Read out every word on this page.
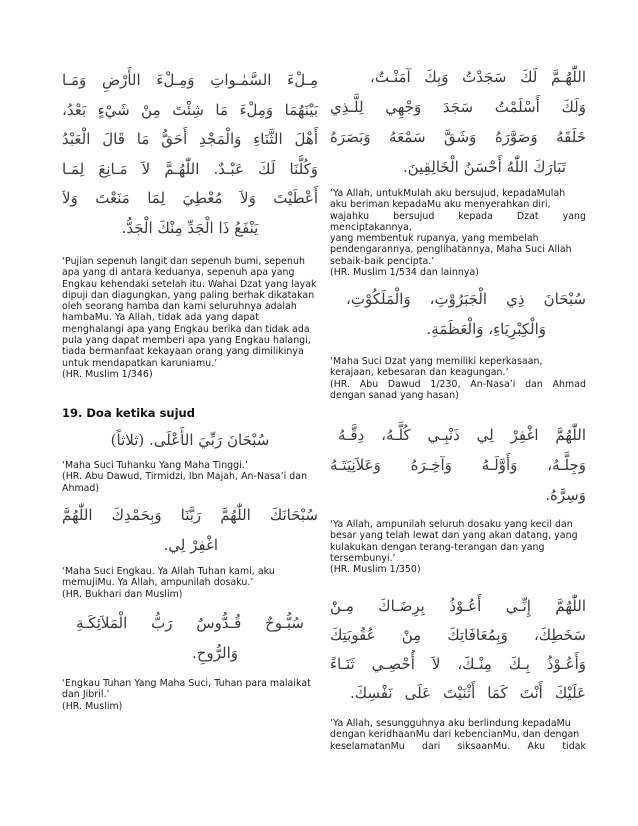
مِـلْءَ السَّمٰـواتِ وَمِـلْءَ الأَرْضِ وَمَـا
بَيْنَهُمَا وَمِلْءَ مَا شِئْتَ مِنْ شَيْءٍ بَعْدُ،
أَهْلَ الثَّنَاءِ وَالْمَجْدِ أَحَقُّ مَا قَالَ الْعَبْدُ
وَكُلُّنَا لَكَ عَبْـدٌ. اللّٰهُـمَّ لاَ مَـانِعَ لِمَـا
أَعْطَيْتَ وَلاَ مُعْطِيَ لِمَا مَنَعْتَ وَلاَ
يَنْفَعُ ذَا الْجَدِّ مِنْكَ الْجَدُّ.
‘Pujian sepenuh langit dan sepenuh bumi, sepenuh
apa yang di antara keduanya, sepenuh apa yang
Engkau kehendaki setelah itu. Wahai Dzat yang layak
dipuji dan diagungkan, yang paling berhak dikatakan
oleh seorang hamba dan kami seluruhnya adalah
hambaMu. Ya Allah, tidak ada yang dapat
menghalangi apa yang Engkau berika dan tidak ada
pula yang dapat memberi apa yang Engkau halangi,
tiada bermanfaat kekayaan orang yang dimilikinya
untuk mendapatkan karuniamu.’
(HR. Muslim 1/346)
19. Doa ketika sujud
سُبْحَانَ رَبِّيَ الأَعْلَى. (ثلاثاً)
‘Maha Suci Tuhanku Yang Maha Tinggi.’
(HR. Abu Dawud, Tirmidzi, Ibn Majah, An-Nasa’i dan
Ahmad)
سُبْحَانَكَ اللّٰهُمَّ رَبَّنَا وَبِحَمْدِكَ اللّٰهُمَّ
اغْفِرْ لِي.
‘Maha Suci Engkau. Ya Allah Tuhan kami, aku
memujiMu. Ya Allah, ampunilah dosaku.’
(HR. Bukhari dan Muslim)
سُبُّـوحٌ قُـدُّوسٌ رَبُّ الْمَلاَئِكَـةِ
وَالرُّوحِ.
‘Engkau Tuhan Yang Maha Suci, Tuhan para malaikat
dan Jibril.’
(HR. Muslim)
اللّٰهُـمَّ لَكَ سَجَدْتُ وَبِكَ آمَنْـتُ،
وَلَكَ أَسْلَمْتُ سَجَدَ وَجْهِي لِلَّـذِي
خَلَقَهُ وَصَوَّرَهُ وَشَقَّ سَمْعَهُ وَبَصَرَهُ
تَبَارَكَ اللّٰهُ أَحْسَنُ الْخَالِقِينَ.
‘Ya Allah, untukMulah aku bersujud, kepadaMulah
aku beriman kepadaMu aku menyerahkan diri,
wajahku bersujud kepada Dzat yang menciptakannya,
yang membentuk rupanya, yang membelah
pendengarannya, penglihatannya, Maha Suci Allah
sebaik-baik pencipta.’
(HR. Muslim 1/534 dan lainnya)
سُبْحَانَ ذِي الْجَبَرُوْتِ، وَالْمَلَكُوْتِ،
وَالْكِبْرِيَاءِ، وَالْعَظَمَةِ.
‘Maha Suci Dzat yang memiliki keperkasaan,
kerajaan, kebesaran dan keagungan.’
(HR. Abu Dawud 1/230, An-Nasa’i dan Ahmad
dengan sanad yang hasan)
اللّٰهُمَّ اغْفِرْ لِي ذَنْبِـي كُلَّـهُ، دِقَّـهُ
وَجِلَّـهُ، وَأَوَّلَـهُ وَآخِـرَهُ وَعَلاَنِيَتَـهُ
وَسِرَّهُ.
‘Ya Allah, ampunilah seluruh dosaku yang kecil dan
besar yang telah lewat dan yang akan datang, yang
kulakukan dengan terang-terangan dan yang
tersembunyi.’
(HR. Muslim 1/350)
اللّٰهُمَّ إِنِّـي أَعُـوْذُ بِرِضَـاكَ مِـنْ
سَخَطِكَ، وَبِمُعَافَاتِكَ مِنْ عُقُوبَتِكَ
وَأَعُـوْذُ بِـكَ مِنْـكَ، لاَ أُحْصِـي ثَنَـاءً
عَلَيْكَ أَنْتَ كَمَا أَثْنَيْتَ عَلَى نَفْسِكَ.
‘Ya Allah, sesungguhnya aku berlindung kepadaMu
dengan keridhaanMu dari kebencianMu, dan dengan
keselamatanMu dari siksaanMu. Aku tidak
